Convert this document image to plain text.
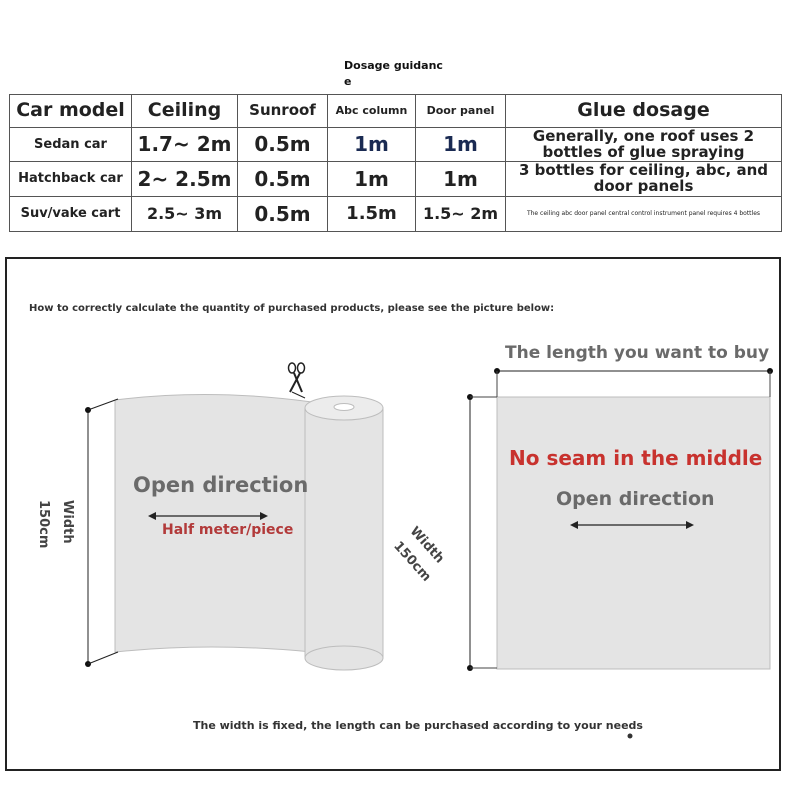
Dosage guidance
Car model	Ceiling	Sunroof	Abc column	Door panel	Glue dosage
Sedan car	1.7~ 2m	0.5m	1m	1m	Generally, one roof uses 2 bottles of glue spraying
Hatchback car	2~ 2.5m	0.5m	1m	1m	3 bottles for ceiling, abc, and door panels
Suv/vake cart	2.5~ 3m	0.5m	1.5m	1.5~ 2m	The ceiling abc door panel central control instrument panel requires 4 bottles
How to correctly calculate the quantity of purchased products, please see the picture below:
Open direction
Half meter/piece
Width 150cm
The length you want to buy
No seam in the middle
Open direction
Width 150cm
The width is fixed, the length can be purchased according to your needs
